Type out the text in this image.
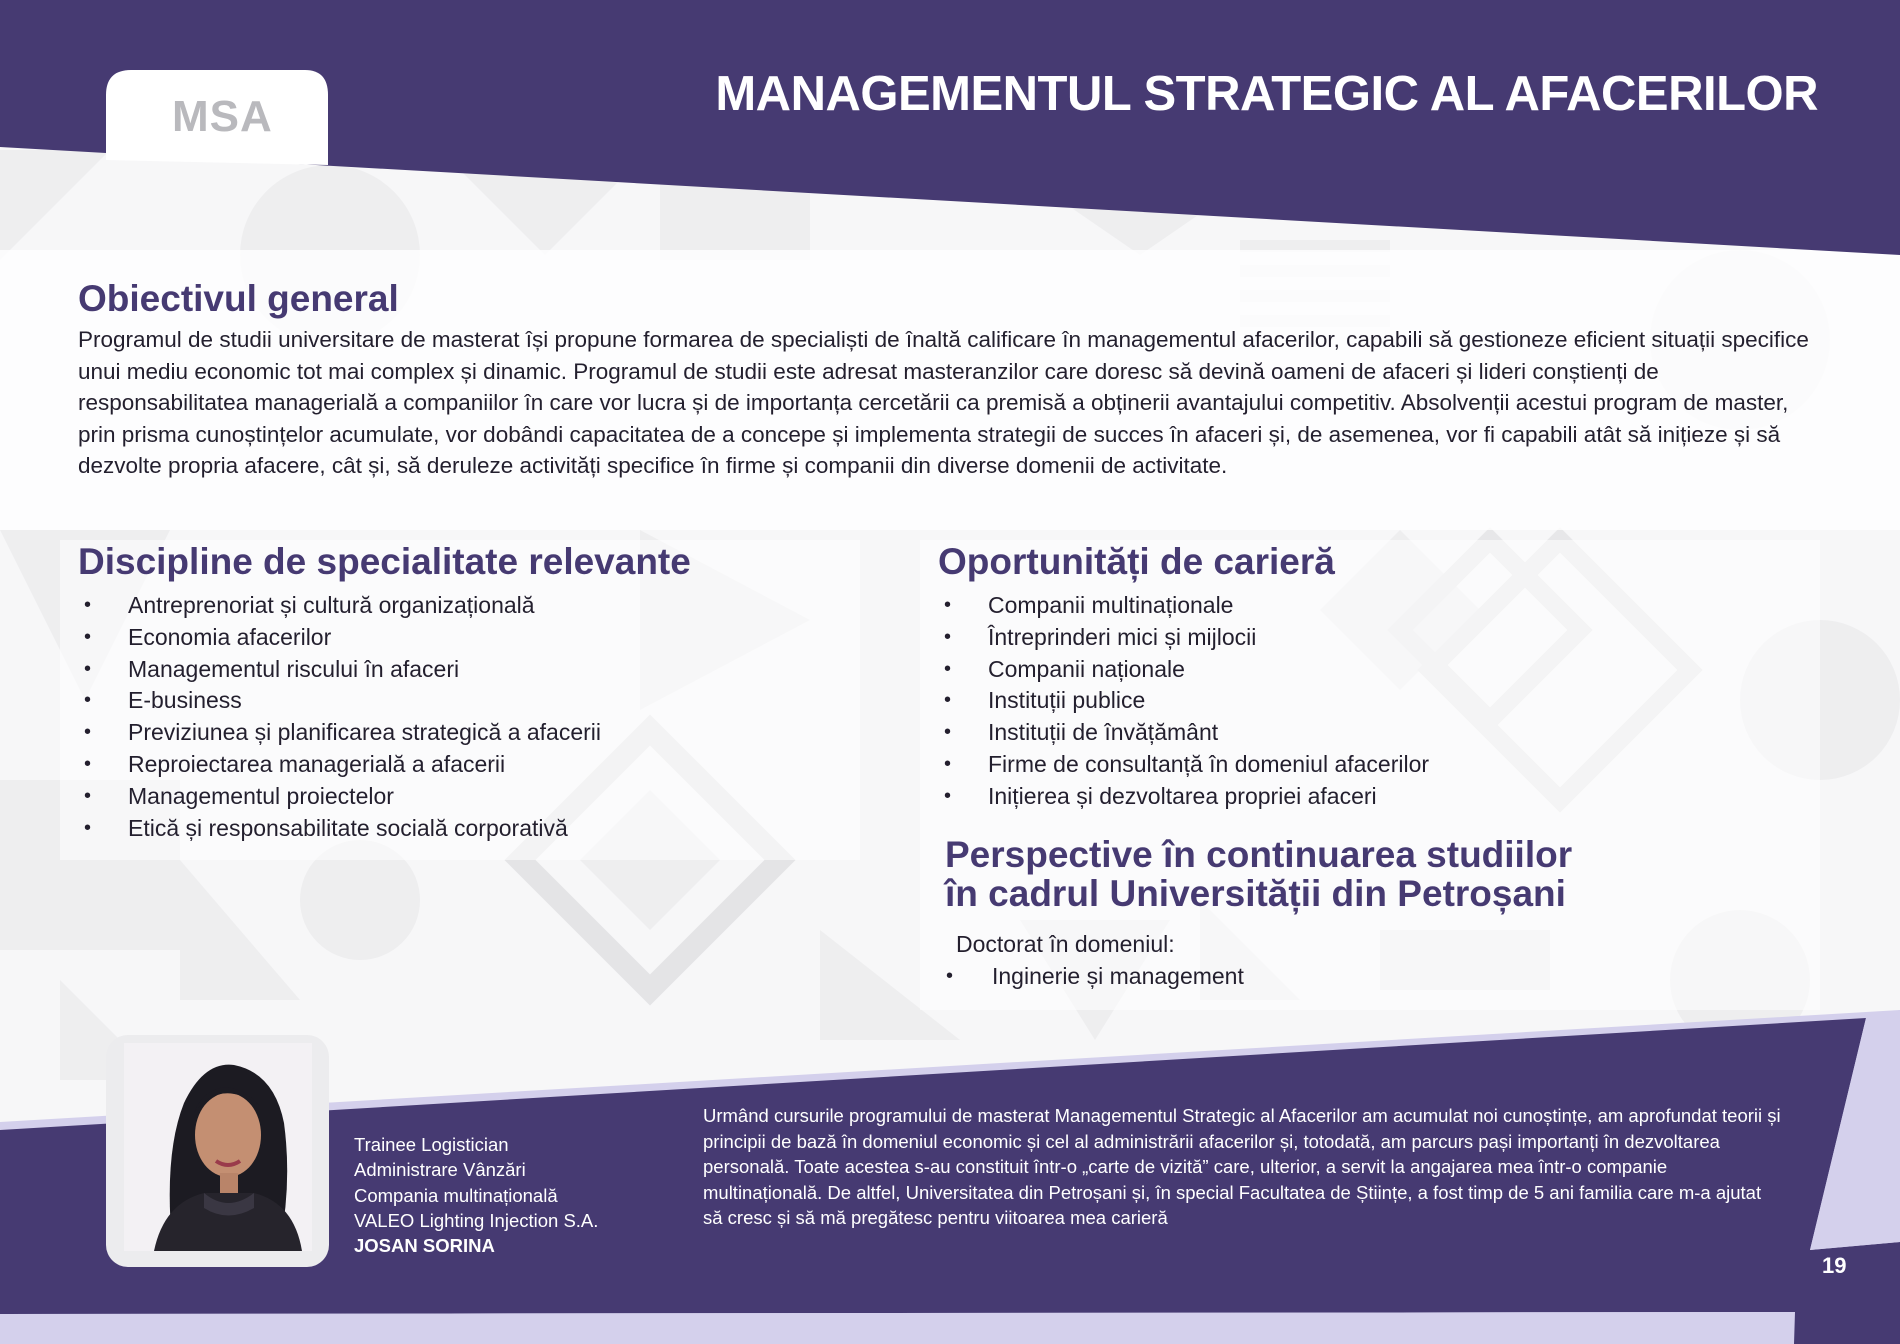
MSA	MANAGEMENTUL STRATEGIC AL AFACERILOR
Obiectivul general

Programul de studii universitare de masterat își propune formarea de specialiști de înaltă calificare în managementul afacerilor, capabili să gestioneze eficient situații specifice unui mediu economic tot mai complex și dinamic. Programul de studii este adresat masteranzilor care doresc să devină oameni de afaceri și lideri conștienți de responsabilitatea managerială a companiilor în care vor lucra și de importanța cercetării ca premisă a obținerii avantajului competitiv. Absolvenții acestui program de master, prin prisma cunoștințelor acumulate, vor dobândi capacitatea de a concepe și implementa strategii de succes în afaceri și, de asemenea, vor fi capabili atât să inițieze și să dezvolte propria afacere, cât și, să deruleze activități specifice în firme și companii din diverse domenii de activitate.

Discipline de specialitate relevante
• Antreprenoriat și cultură organizațională
• Economia afacerilor
• Managementul riscului în afaceri
• E-business
• Previziunea și planificarea strategică a afacerii
• Reproiectarea managerială a afacerii
• Managementul proiectelor
• Etică și responsabilitate socială corporativă
Oportunități de carieră
• Companii multinaționale
• Întreprinderi mici și mijlocii
• Companii naționale
• Instituții publice
• Instituții de învățământ
• Firme de consultanță în domeniul afacerilor
• Inițierea și dezvoltarea propriei afaceri
Perspective în continuarea studiilor
în cadrul Universității din Petroșani
Doctorat în domeniul:
• Inginerie și management
Trainee Logistician
Administrare Vânzări
Compania multinațională
VALEO Lighting Injection S.A.
JOSAN SORINA
Urmând cursurile programului de masterat Managementul Strategic al Afacerilor am acumulat noi cunoștințe, am aprofundat teorii și principii de bază în domeniul economic și cel al administrării afacerilor și, totodată, am parcurs pași importanți în dezvoltarea personală. Toate acestea s-au constituit într-o „carte de vizită” care, ulterior, a servit la angajarea mea într-o companie multinațională. De altfel, Universitatea din Petroșani și, în special Facultatea de Științe, a fost timp de 5 ani familia care m-a ajutat să cresc și să mă pregătesc pentru viitoarea mea carieră
19
